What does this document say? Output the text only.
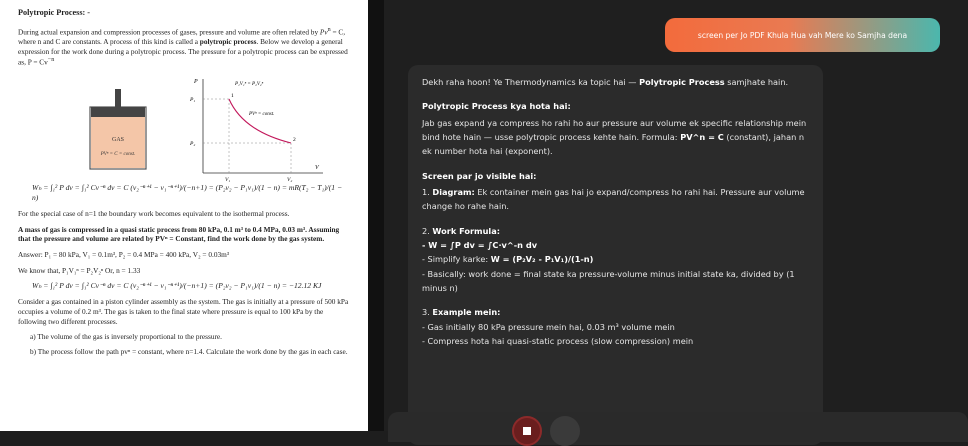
Polytropic Process: -

During actual expansion and compression processes of gases, pressure and volume are often related by $Pv^n = C$, where n and C are constants. A process of this kind is called a polytropic process. Below we develop a general expression for the work done during a polytropic process. The pressure for a polytropic process can be expressed as, $P = Cv^{-n}$

GAS
PVⁿ = C = const.
P
V
P₁
P₂
1
2
P₁V₁ⁿ = P₂V₂ⁿ
PVⁿ = const.
V₁	V₂
Wₕ = ∫₁² P dv = ∫₁² Cv⁻ⁿ dv = C (v₂⁻ⁿ⁺¹ − v₁⁻ⁿ⁺¹)/(−n+1) = (P₂v₂ − P₁v₁)/(1 − n) = mR(T₂ − T₁)/(1 − n)

For the special case of n=1 the boundary work becomes equivalent to the isothermal process.

A mass of gas is compressed in a quasi static process from 80 kPa, 0.1 m³ to 0.4 MPa, 0.03 m³. Assuming that the pressure and volume are related by PVⁿ = Constant, find the work done by the gas system.

Answer: P₁ = 80 kPa, V₁ = 0.1m³, P₂ = 0.4 MPa = 400 kPa, V₂ = 0.03m³

We know that, P₁V₁ⁿ = P₂V₂ⁿ Or, n = 1.33

Wₕ = ∫₁² P dv = ∫₁² Cv⁻ⁿ dv = C (v₂⁻ⁿ⁺¹ − v₁⁻ⁿ⁺¹)/(−n+1) = (P₂v₂ − P₁v₁)/(1 − n) = −12.12 KJ

Consider a gas contained in a piston cylinder assembly as the system. The gas is initially at a pressure of 500 kPa occupies a volume of 0.2 m³. The gas is taken to the final state where pressure is equal to 100 kPa by the following two different processes.

a) The volume of the gas is inversely proportional to the pressure.

b) The process follow the path pvⁿ = constant, where n=1.4. Calculate the work done by the gas in each case.

screen per Jo PDF Khula Hua vah Mere ko Samjha dena

Dekh raha hoon! Ye Thermodynamics ka topic hai — Polytropic Process samjhate hain.

Polytropic Process kya hota hai:

Jab gas expand ya compress ho rahi ho aur pressure aur volume ek specific relationship mein bind hote hain — usse polytropic process kehte hain. Formula: PV^n = C (constant), jahan n ek number hota hai (exponent).

Screen par jo visible hai:

1. Diagram: Ek container mein gas hai jo expand/compress ho rahi hai. Pressure aur volume change ho rahe hain.

2. Work Formula:
- W = ∫P dv = ∫C·v^-n dv
- Simplify karke: W = (P₂V₂ - P₁V₁)/(1-n)
- Basically: work done = final state ka pressure-volume minus initial state ka, divided by (1 minus n)
3. Example mein:
- Gas initially 80 kPa pressure mein hai, 0.03 m³ volume mein
- Compress hota hai quasi-static process (slow compression) mein
